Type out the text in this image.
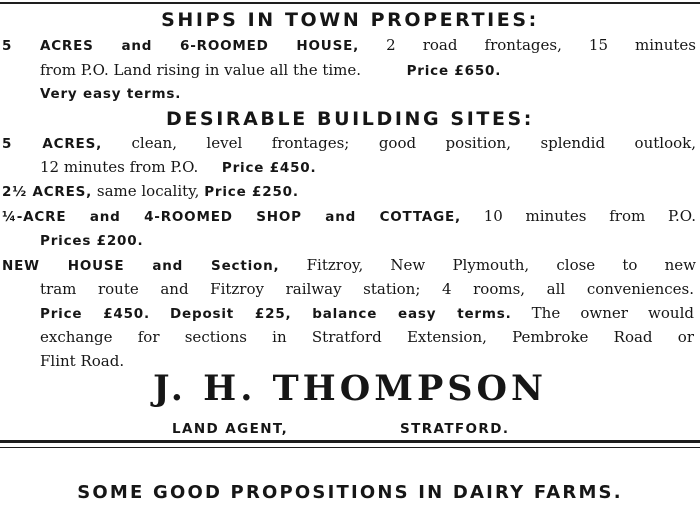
SHIPS IN TOWN PROPERTIES:
5 ACRES and 6-ROOMED HOUSE, 2 road frontages, 15 minutes
from P.O. Land rising in value all the time.	Price £650.
Very easy terms.
DESIRABLE BUILDING SITES:
5 ACRES, clean, level frontages; good position, splendid outlook,
12 minutes from P.O. Price £450.
2½ ACRES, same locality, Price £250.
¼-ACRE and 4-ROOMED SHOP and COTTAGE, 10 minutes from P.O.
Prices £200.
NEW HOUSE and Section, Fitzroy, New Plymouth, close to new
tram route and Fitzroy railway station; 4 rooms, all conveniences.
Price £450. Deposit £25, balance easy terms. The owner would
exchange for sections in Stratford Extension, Pembroke Road or
Flint Road.
J. H. THOMPSON
LAND AGENT,	STRATFORD.
SOME GOOD PROPOSITIONS IN DAIRY FARMS.
